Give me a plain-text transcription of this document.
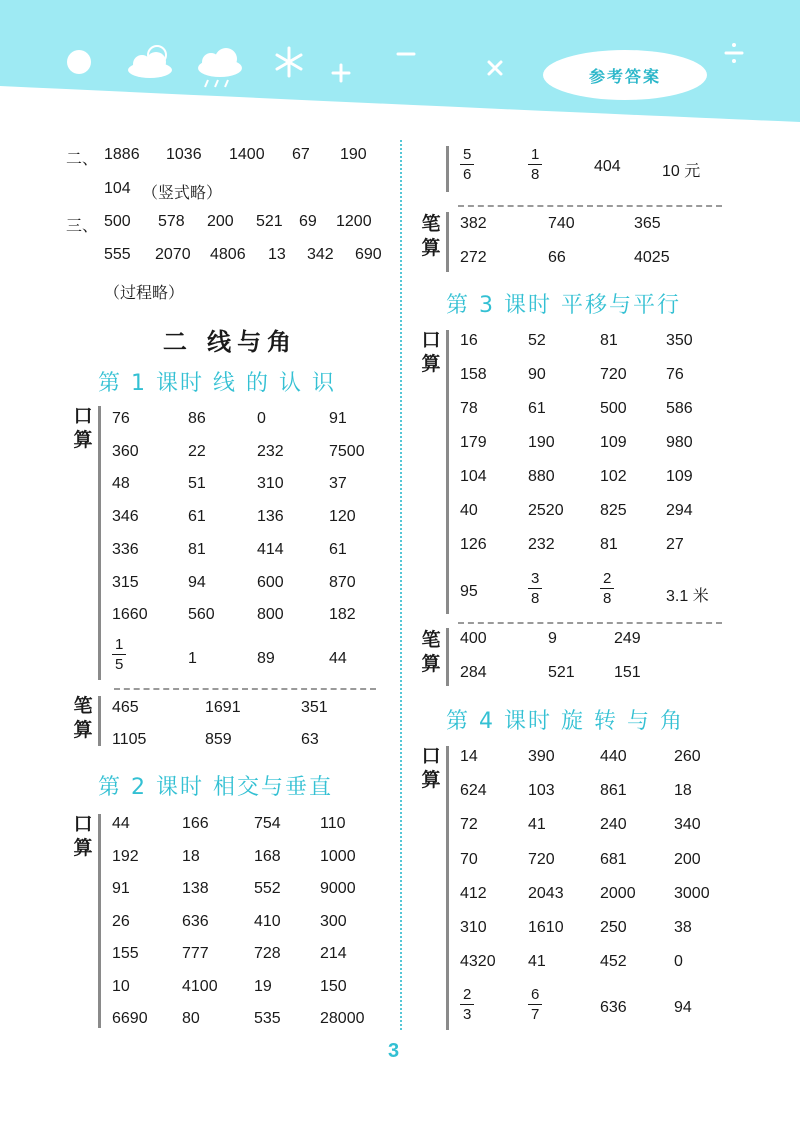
参考答案
二、 1886 1036 1400 67 190
104 （竖式略）
三、 500 578 200 521 69 1200
555 2070 4806 13 342 690
（过程略）
二 线与角
第 1 课时 线 的 认 识
口
算
76	86	0	91
360	22	232	7500
48	51	310	37
346	61	136	120
336	81	414	61
315	94	600	870
1660	560	800	182
$\frac{1}{5}$	1	89	44
笔
算
465	1691	351
1105	859	63
第 2 课时 相交与垂直
口
算
44	166	754 110
192	18	168 1000
91	138	552 9000
26	636	410 300
155	777	728 214
10	4100 19	150
6690 80	535 28000
$\frac{5}{6}$	$\frac{1}{8}$	404	10 元
笔
算
382	740	365
272	66	4025
第 3 课时 平移与平行
口
算
16	52	81	350
158	90	720 76
78	61	500 586
179	190	109 980
104	880	102 109
40	2520 825 294
126	232	81	27
95	$\frac{3}{8}$	$\frac{2}{8}$	3.1 米
笔
算
400	9	249
284	521 151
第 4 课时 旋 转 与 角
口
算
14	390	440	260
624	103	861	18
72	41	240	340
70	720	681	200
412	2043 2000 3000
310	1610 250	38
4320 41	452	0
$\frac{2}{3}$	$\frac{6}{7}$	636	94
3
